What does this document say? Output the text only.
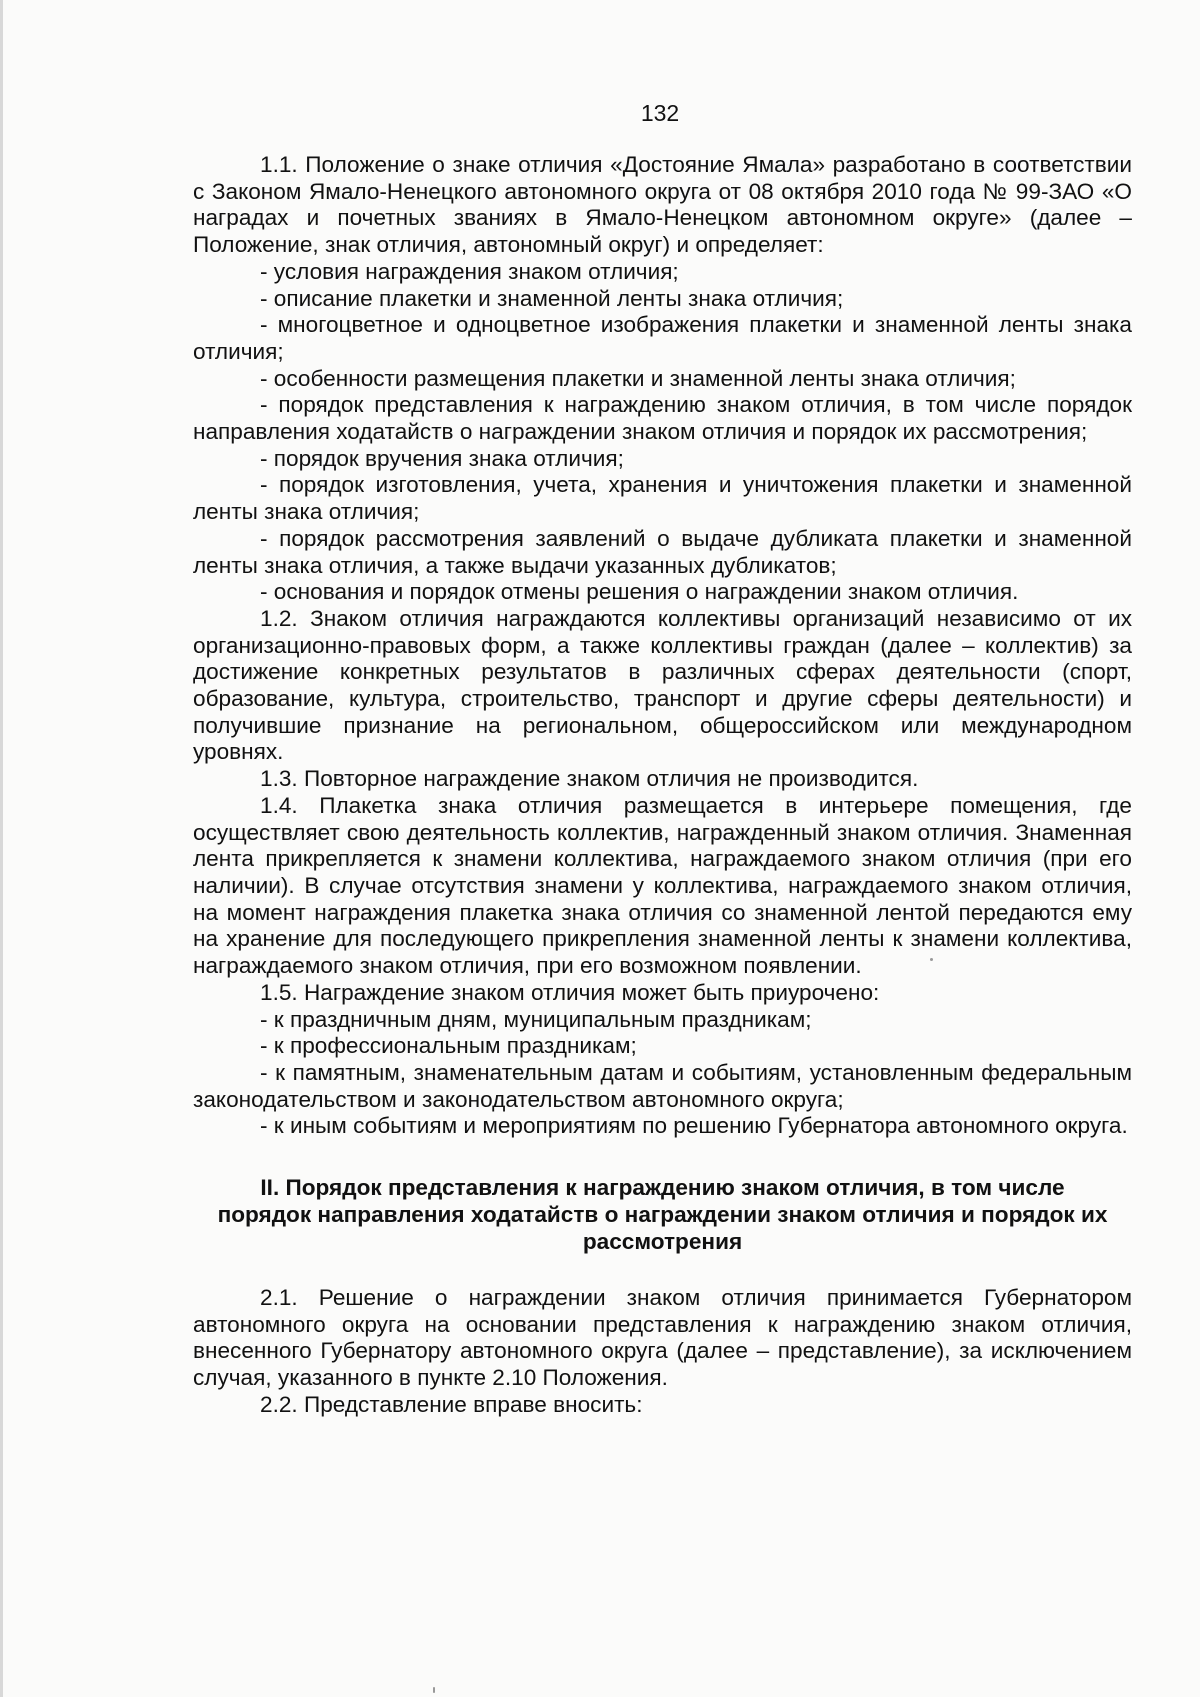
132

1.1. Положение о знаке отличия «Достояние Ямала» разработано в соответствии с Законом Ямало-Ненецкого автономного округа от 08 октября 2010 года № 99-ЗАО «О наградах и почетных званиях в Ямало-Ненецком автономном округе» (далее – Положение, знак отличия, автономный округ) и определяет:

- условия награждения знаком отличия;

- описание плакетки и знаменной ленты знака отличия;

- многоцветное и одноцветное изображения плакетки и знаменной ленты знака отличия;

- особенности размещения плакетки и знаменной ленты знака отличия;

- порядок представления к награждению знаком отличия, в том числе порядок направления ходатайств о награждении знаком отличия и порядок их рассмотрения;

- порядок вручения знака отличия;

- порядок изготовления, учета, хранения и уничтожения плакетки и знаменной ленты знака отличия;

- порядок рассмотрения заявлений о выдаче дубликата плакетки и знаменной ленты знака отличия, а также выдачи указанных дубликатов;

- основания и порядок отмены решения о награждении знаком отличия.

1.2. Знаком отличия награждаются коллективы организаций независимо от их организационно-правовых форм, а также коллективы граждан (далее – коллектив) за достижение конкретных результатов в различных сферах деятельности (спорт, образование, культура, строительство, транспорт и другие сферы деятельности) и получившие признание на региональном, общероссийском или международном уровнях.

1.3. Повторное награждение знаком отличия не производится.

1.4. Плакетка знака отличия размещается в интерьере помещения, где осуществляет свою деятельность коллектив, награжденный знаком отличия. Знаменная лента прикрепляется к знамени коллектива, награждаемого знаком отличия (при его наличии). В случае отсутствия знамени у коллектива, награждаемого знаком отличия, на момент награждения плакетка знака отличия со знаменной лентой передаются ему на хранение для последующего прикрепления знаменной ленты к знамени коллектива, награждаемого знаком отличия, при его возможном появлении.

1.5. Награждение знаком отличия может быть приурочено:

- к праздничным дням, муниципальным праздникам;

- к профессиональным праздникам;

- к памятным, знаменательным датам и событиям, установленным федеральным законодательством и законодательством автономного округа;

- к иным событиям и мероприятиям по решению Губернатора автономного округа.

II. Порядок представления к награждению знаком отличия, в том числе порядок направления ходатайств о награждении знаком отличия и порядок их рассмотрения

2.1. Решение о награждении знаком отличия принимается Губернатором автономного округа на основании представления к награждению знаком отличия, внесенного Губернатору автономного округа (далее – представление), за исключением случая, указанного в пункте 2.10 Положения.

2.2. Представление вправе вносить:
